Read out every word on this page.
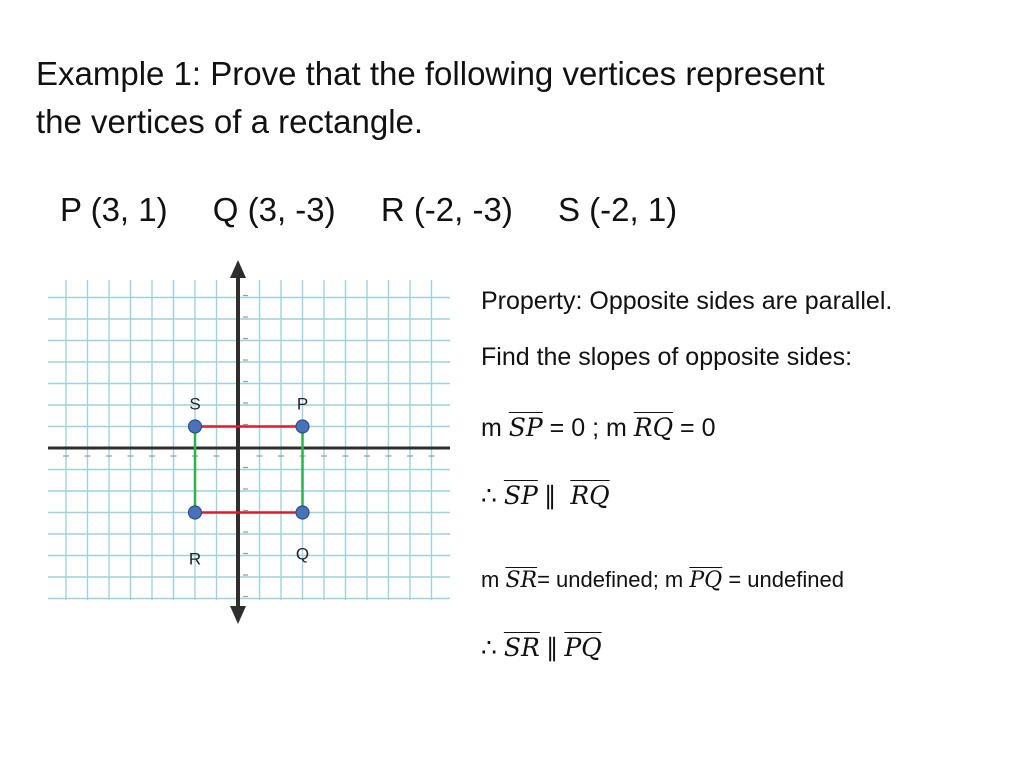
Example 1: Prove that the following vertices represent
the vertices of a rectangle.
P (3, 1) Q (3, -3) R (-2, -3) S (-2, 1)
S	P
R	Q
Property: Opposite sides are parallel.
Find the slopes of opposite sides:
m $\overline{SP} = 0$ ; m $\overline{RQ} = 0$
∴ $\overline{SP}$ ∥ $\overline{RQ}$
m $\overline{SR}=$ undefined; m $\overline{PQ}$ = undefined
∴ $\overline{SR}$ ∥ $\overline{PQ}$
